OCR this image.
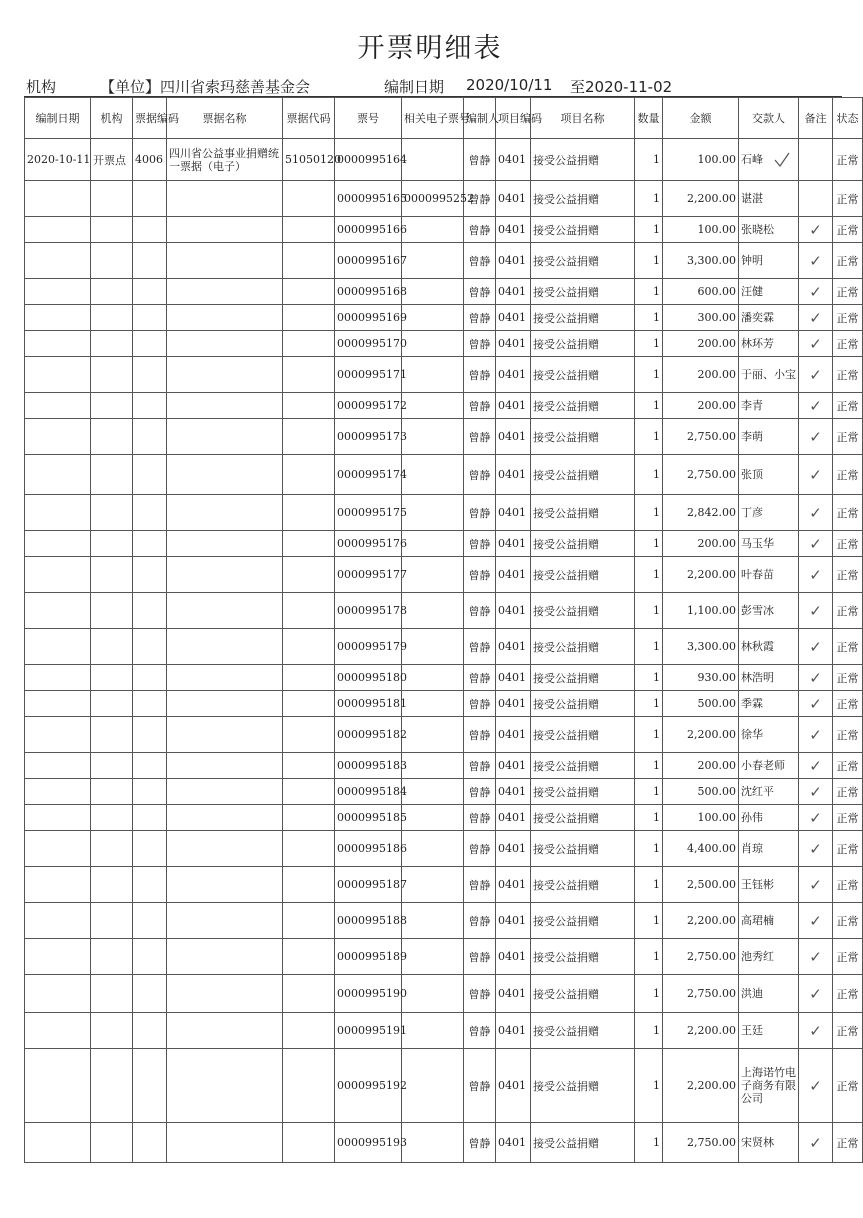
开票明细表
机构	【单位】四川省索玛慈善基金会	编制日期 2020/10/11 至2020-11-02
编制日期	机构	票据编码	票据名称	票据代码	票号	相关电子票号	编制人	项目编码	项目名称	数量	金额	交款人	备注	状态
2020-10-11	开票点	4006	四川省公益事业捐赠统一票据（电子）	51050120	0000995164		曾静	0401	接受公益捐赠	1	100.00	石峰		正常
					0000995165	0000995252	曾静	0401	接受公益捐赠	1	2,200.00	谌湛		正常
					0000995166		曾静	0401	接受公益捐赠	1	100.00	张晓松	✓	正常
					0000995167		曾静	0401	接受公益捐赠	1	3,300.00	钟明	✓	正常
					0000995168		曾静	0401	接受公益捐赠	1	600.00	汪健	✓	正常
					0000995169		曾静	0401	接受公益捐赠	1	300.00	潘奕霖	✓	正常
					0000995170		曾静	0401	接受公益捐赠	1	200.00	林环芳	✓	正常
					0000995171		曾静	0401	接受公益捐赠	1	200.00	于丽、小宝	✓	正常
					0000995172		曾静	0401	接受公益捐赠	1	200.00	李青	✓	正常
					0000995173		曾静	0401	接受公益捐赠	1	2,750.00	李萌	✓	正常
					0000995174		曾静	0401	接受公益捐赠	1	2,750.00	张顶	✓	正常
					0000995175		曾静	0401	接受公益捐赠	1	2,842.00	丁彦	✓	正常
					0000995176		曾静	0401	接受公益捐赠	1	200.00	马玉华	✓	正常
					0000995177		曾静	0401	接受公益捐赠	1	2,200.00	叶春苗	✓	正常
					0000995178		曾静	0401	接受公益捐赠	1	1,100.00	彭雪冰	✓	正常
					0000995179		曾静	0401	接受公益捐赠	1	3,300.00	林秋霞	✓	正常
					0000995180		曾静	0401	接受公益捐赠	1	930.00	林浩明	✓	正常
					0000995181		曾静	0401	接受公益捐赠	1	500.00	季霖	✓	正常
					0000995182		曾静	0401	接受公益捐赠	1	2,200.00	徐华	✓	正常
					0000995183		曾静	0401	接受公益捐赠	1	200.00	小春老师	✓	正常
					0000995184		曾静	0401	接受公益捐赠	1	500.00	沈红平	✓	正常
					0000995185		曾静	0401	接受公益捐赠	1	100.00	孙伟	✓	正常
					0000995186		曾静	0401	接受公益捐赠	1	4,400.00	肖琼	✓	正常
					0000995187		曾静	0401	接受公益捐赠	1	2,500.00	王钰彬	✓	正常
					0000995188		曾静	0401	接受公益捐赠	1	2,200.00	高珺楠	✓	正常
					0000995189		曾静	0401	接受公益捐赠	1	2,750.00	池秀红	✓	正常
					0000995190		曾静	0401	接受公益捐赠	1	2,750.00	洪迪	✓	正常
					0000995191		曾静	0401	接受公益捐赠	1	2,200.00	王廷	✓	正常
					0000995192		曾静	0401	接受公益捐赠	1	2,200.00	上海诺竹电子商务有限公司	✓	正常
					0000995193		曾静	0401	接受公益捐赠	1	2,750.00	宋贤林	✓	正常
